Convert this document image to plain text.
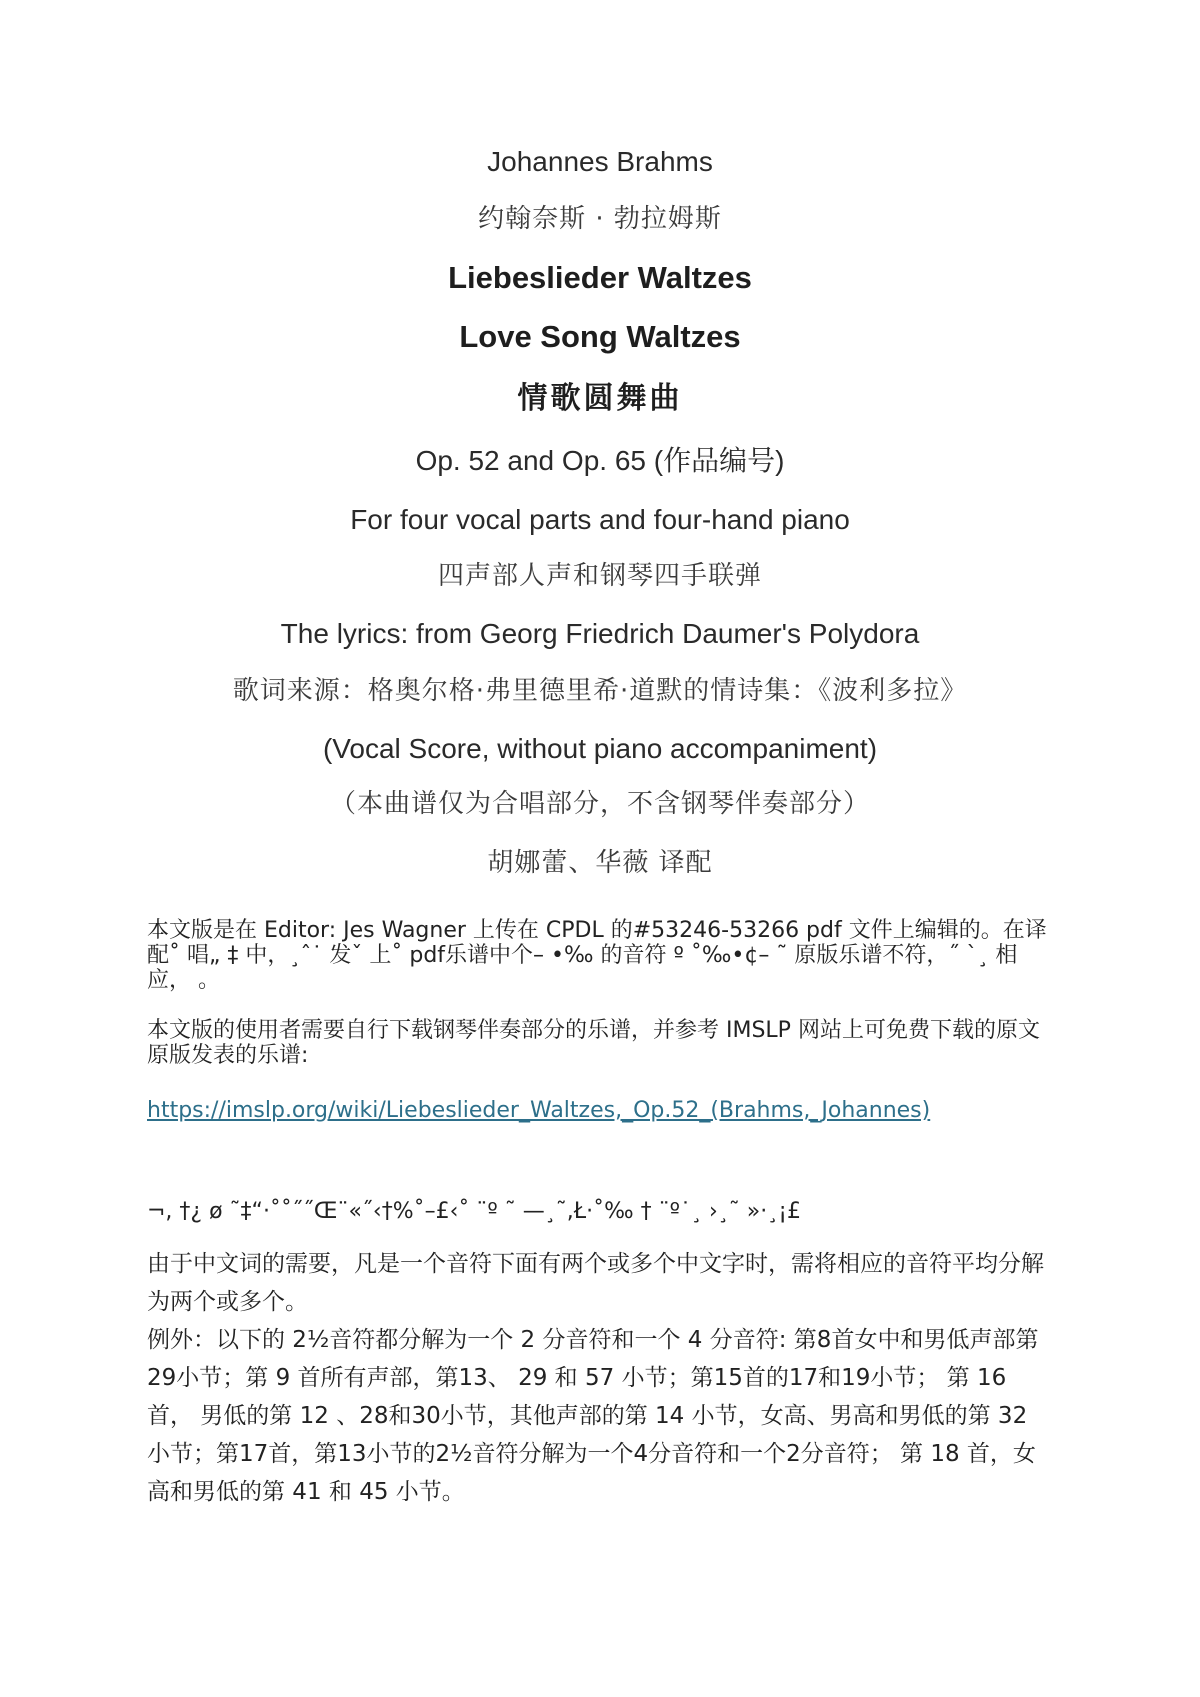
Johannes Brahms
约翰奈斯 · 勃拉姆斯
Liebeslieder Waltzes
Love Song Waltzes
情歌圆舞曲
Op. 52 and Op. 65 (作品编号)
For four vocal parts and four-hand piano
四声部人声和钢琴四手联弹
The lyrics: from Georg Friedrich Daumer's Polydora
歌词来源：格奥尔格·弗里德里希·道默的情诗集：《波利多拉》
(Vocal Score, without piano accompaniment)
（本曲谱仅为合唱部分，不含钢琴伴奏部分）
胡娜蕾、华薇 译配
本文版是在 Editor: Jes Wagner 上传在 CPDL 的#53246-53266 pdf 文件上编辑的。在译配˚ 唱„ ‡ 中，¸ˆ˙ 发ˇ 上˚ pdf乐谱中个– •‰ 的音符 º ˚‰•¢– ˜ 原版乐谱不符，˝ ˋ¸ 相应， 。
本文版的使用者需要自行下载钢琴伴奏部分的乐谱，并参考 IMSLP 网站上可免费下载的原文原版发表的乐谱:
https://imslp.org/wiki/Liebeslieder_Waltzes,_Op.52_(Brahms,_Johannes)
¬, †¿ ø ˜‡“·˚˚˝˝Œ¨«˝‹†%˚–£‹˚ ¨º ˜ —¸˜,Ł·˚‰ † ¨º˙¸ ›¸˜ »·¸¡£
由于中文词的需要，凡是一个音符下面有两个或多个中文字时，需将相应的音符平均分解为两个或多个。
例外：以下的 2½音符都分解为一个 2 分音符和一个 4 分音符: 第8首女中和男低声部第29小节；第 9 首所有声部，第13、 29 和 57 小节；第15首的17和19小节； 第 16 首， 男低的第 12 、28和30小节，其他声部的第 14 小节，女高、男高和男低的第 32 小节；第17首，第13小节的2½音符分解为一个4分音符和一个2分音符； 第 18 首，女 高和男低的第 41 和 45 小节。
